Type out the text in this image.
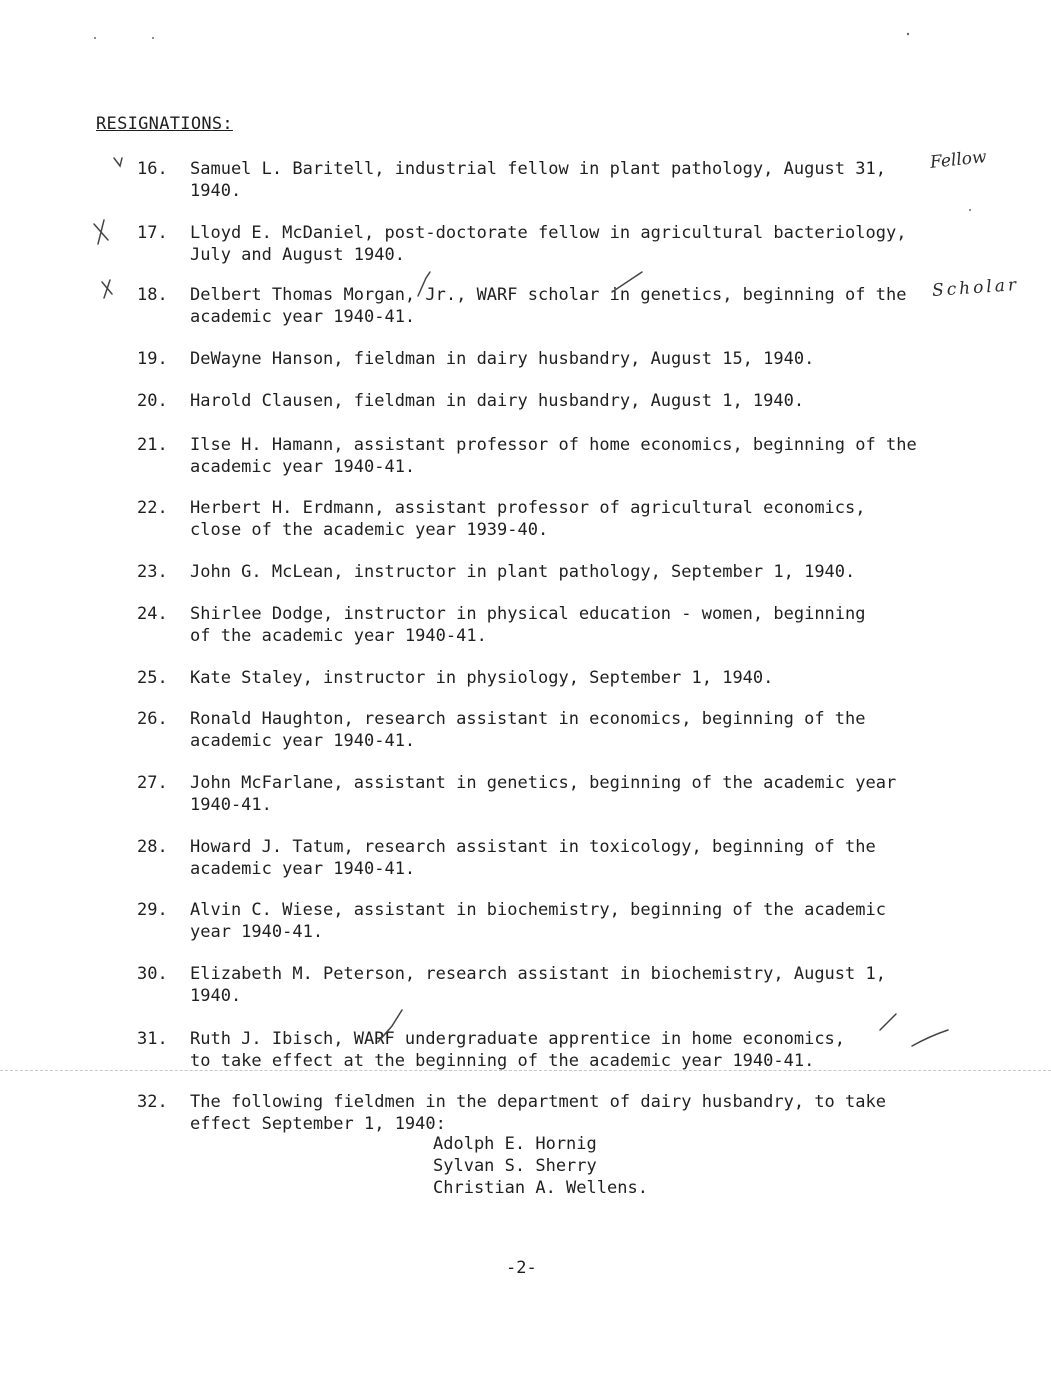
RESIGNATIONS:
16. Samuel L. Baritell, industrial fellow in plant pathology, August 31,
1940.
17. Lloyd E. McDaniel, post-doctorate fellow in agricultural bacteriology,
July and August 1940.
18. Delbert Thomas Morgan, Jr., WARF scholar in genetics, beginning of the
academic year 1940-41.
19. DeWayne Hanson, fieldman in dairy husbandry, August 15, 1940.
20. Harold Clausen, fieldman in dairy husbandry, August 1, 1940.
21. Ilse H. Hamann, assistant professor of home economics, beginning of the
academic year 1940-41.
22. Herbert H. Erdmann, assistant professor of agricultural economics,
close of the academic year 1939-40.
23. John G. McLean, instructor in plant pathology, September 1, 1940.
24. Shirlee Dodge, instructor in physical education - women, beginning
of the academic year 1940-41.
25. Kate Staley, instructor in physiology, September 1, 1940.
26. Ronald Haughton, research assistant in economics, beginning of the
academic year 1940-41.
27. John McFarlane, assistant in genetics, beginning of the academic year
1940-41.
28. Howard J. Tatum, research assistant in toxicology, beginning of the
academic year 1940-41.
29. Alvin C. Wiese, assistant in biochemistry, beginning of the academic
year 1940-41.
30. Elizabeth M. Peterson, research assistant in biochemistry, August 1,
1940.
31. Ruth J. Ibisch, WARF undergraduate apprentice in home economics,
to take effect at the beginning of the academic year 1940-41.
32. The following fieldmen in the department of dairy husbandry, to take
effect September 1, 1940:
Adolph E. Hornig
Sylvan S. Sherry
Christian A. Wellens.
Fellow
Scholar
-2-
